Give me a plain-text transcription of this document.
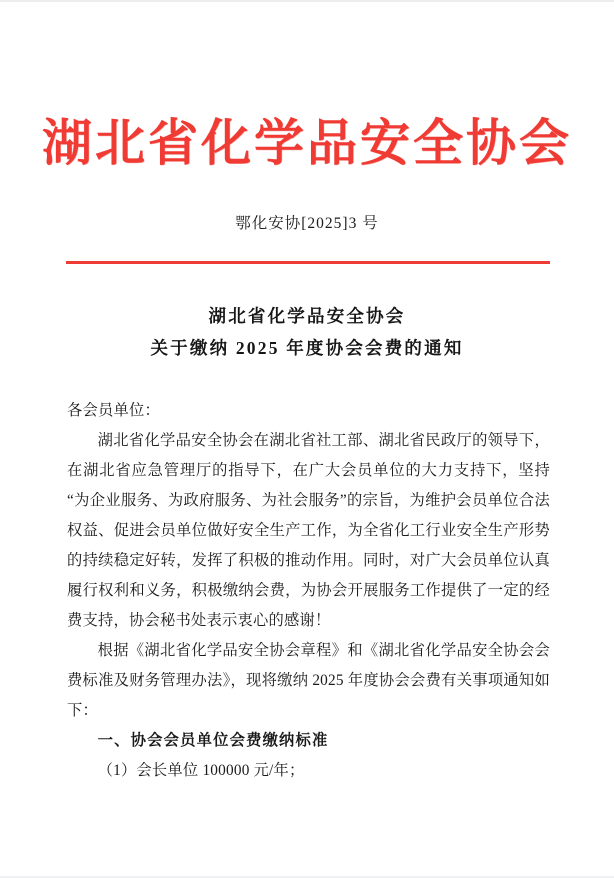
湖北省化学品安全协会
鄂化安协[2025]3 号
湖北省化学品安全协会
关于缴纳 2025 年度协会会费的通知

各会员单位：

湖北省化学品安全协会在湖北省社工部、湖北省民政厅的领导下，在湖北省应急管理厅的指导下，在广大会员单位的大力支持下，坚持“为企业服务、为政府服务、为社会服务”的宗旨，为维护会员单位合法权益、促进会员单位做好安全生产工作，为全省化工行业安全生产形势的持续稳定好转，发挥了积极的推动作用。同时，对广大会员单位认真履行权利和义务，积极缴纳会费，为协会开展服务工作提供了一定的经费支持，协会秘书处表示衷心的感谢！

根据《湖北省化学品安全协会章程》和《湖北省化学品安全协会会费标准及财务管理办法》，现将缴纳 2025 年度协会会费有关事项通知如下：

一、协会会员单位会费缴纳标准

（1）会长单位 100000 元/年；
